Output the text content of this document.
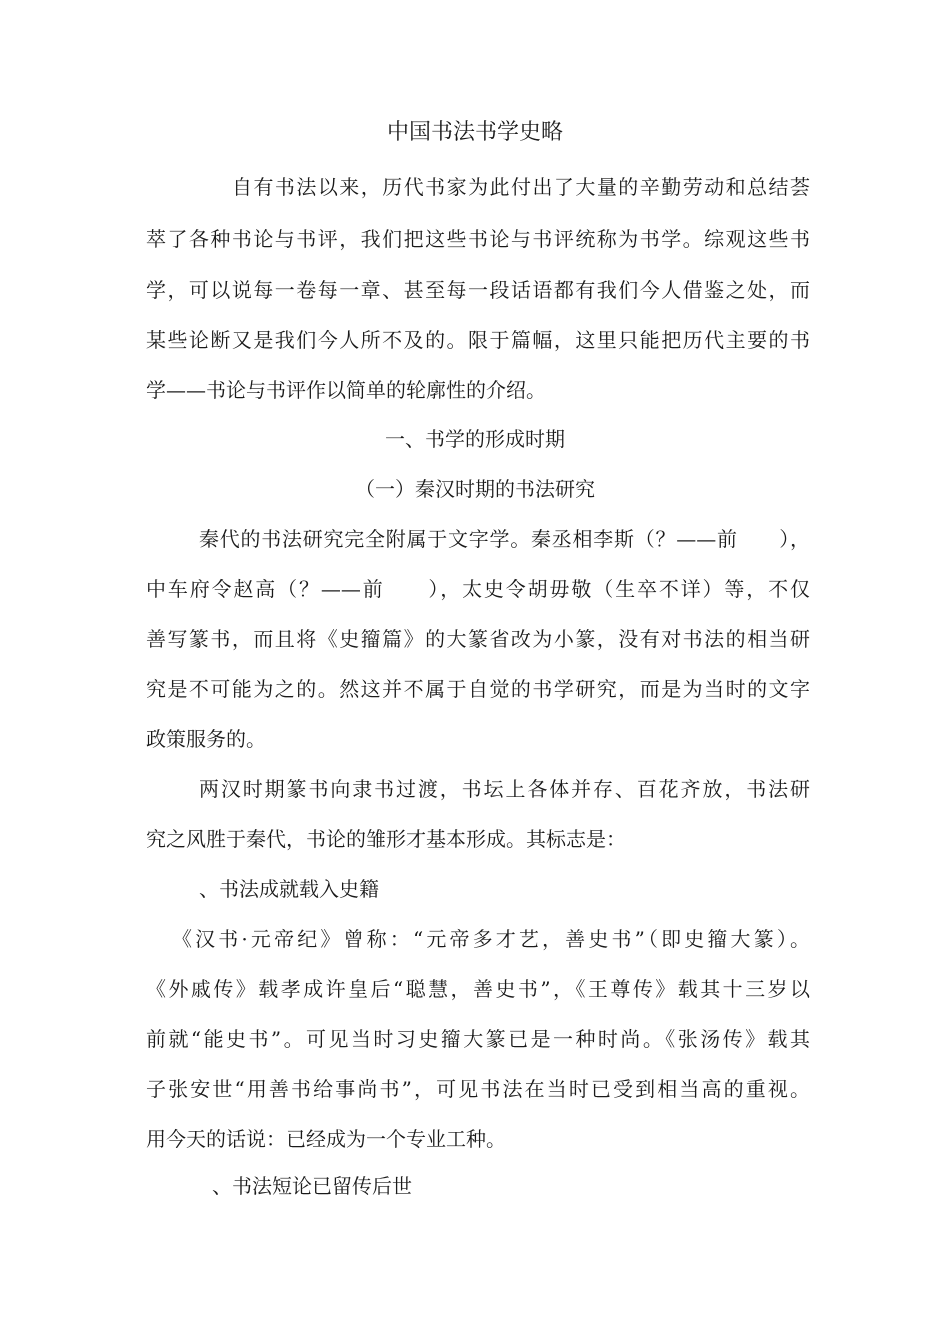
中国书法书学史略
自有书法以来，历代书家为此付出了大量的辛勤劳动和总结荟
萃了各种书论与书评，我们把这些书论与书评统称为书学。综观这些书
学，可以说每一卷每一章、甚至每一段话语都有我们今人借鉴之处，而
某些论断又是我们今人所不及的。限于篇幅，这里只能把历代主要的书
学——书论与书评作以简单的轮廓性的介绍。
一、书学的形成时期
（一）秦汉时期的书法研究
秦代的书法研究完全附属于文字学。秦丞相李斯（？——前　　），
中车府令赵高（？——前　　），太史令胡毋敬（生卒不详）等，不仅
善写篆书，而且将《史籀篇》的大篆省改为小篆，没有对书法的相当研
究是不可能为之的。然这并不属于自觉的书学研究，而是为当时的文字
政策服务的。
两汉时期篆书向隶书过渡，书坛上各体并存、百花齐放，书法研
究之风胜于秦代，书论的雏形才基本形成。其标志是：
、书法成就载入史籍
《汉书·元帝纪》曾称：“元帝多才艺，善史书”（即史籀大篆）。
《外戚传》载孝成许皇后“聪慧，善史书”，《王尊传》载其十三岁以
前就“能史书”。可见当时习史籀大篆已是一种时尚。《张汤传》载其
子张安世“用善书给事尚书”，可见书法在当时已受到相当高的重视。
用今天的话说：已经成为一个专业工种。
、书法短论已留传后世
